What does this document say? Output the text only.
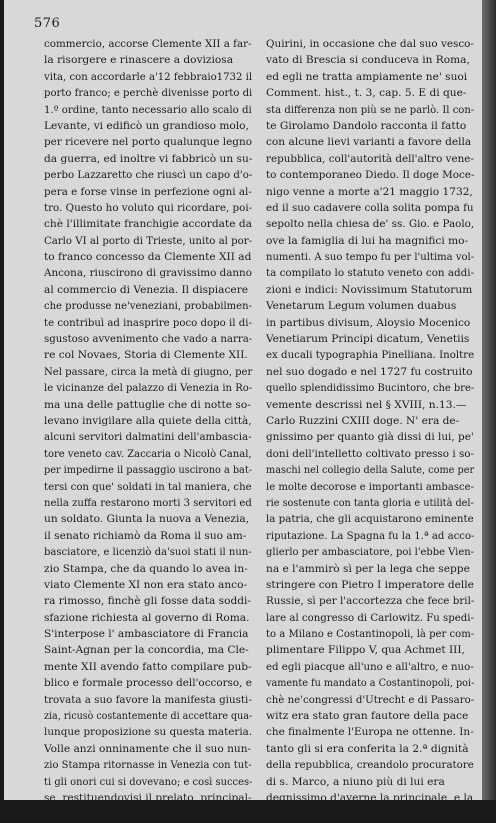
576
commercio, accorse Clemente XII a far-
la risorgere e rinascere a doviziosa
vita, con accordarle a'12 febbraio1732 il
porto franco; e perchè divenisse porto di
1.º ordine, tanto necessario allo scalo di
Levante, vi edificò un grandioso molo,
per ricevere nel porto qualunque legno
da guerra, ed inoltre vi fabbricò un su-
perbo Lazzaretto che riuscì un capo d'o-
pera e forse vinse in perfezione ogni al-
tro. Questo ho voluto qui ricordare, poi-
chè l'illimitate franchigie accordate da
Carlo VI al porto di Trieste, unito al por-
to franco concesso da Clemente XII ad
Ancona, riuscirono di gravissimo danno
al commercio di Venezia. Il dispiacere
che produsse ne'veneziani, probabilmen-
te contribuì ad inasprire poco dopo il di-
sgustoso avvenimento che vado a narra-
re col Novaes, Storia di Clemente XII.
Nel passare, circa la metà di giugno, per
le vicinanze del palazzo di Venezia in Ro-
ma una delle pattuglie che di notte so-
levano invigilare alla quiete della città,
alcuni servitori dalmatini dell'ambascia-
tore veneto cav. Zaccaria o Nicolò Canal,
per impedirne il passaggio uscirono a bat-
tersi con que' soldati in tal maniera, che
nella zuffa restarono morti 3 servitori ed
un soldato. Giunta la nuova a Venezia,
il senato richiamò da Roma il suo am-
basciatore, e licenziò da'suoi stati il nun-
zio Stampa, che da quando lo avea in-
viato Clemente XI non era stato anco-
ra rimosso, finchè gli fosse data soddi-
sfazione richiesta al governo di Roma.
S'interpose l' ambasciatore di Francia
Saint-Agnan per la concordia, ma Cle-
mente XII avendo fatto compilare pub-
blico e formale processo dell'occorso, e
trovata a suo favore la manifesta giusti-
zia, ricusò costantemente di accettare qua-
lunque proposizione su questa materia.
Volle anzi onninamente che il suo nun-
zio Stampa ritornasse in Venezia con tut-
ti gli onori cui si dovevano; e così succes-
se, restituendovisi il prelato, principal-
mente per opera del suddetto cardinal
Quirini, in occasione che dal suo vesco-
vato di Brescia si conduceva in Roma,
ed egli ne tratta ampiamente ne' suoi
Comment. hist., t. 3, cap. 5. E di que-
sta differenza non più se ne parlò. Il con-
te Girolamo Dandolo racconta il fatto
con alcune lievi varianti a favore della
repubblica, coll'autorità dell'altro vene-
to contemporaneo Diedo. Il doge Moce-
nigo venne a morte a'21 maggio 1732,
ed il suo cadavere colla solita pompa fu
sepolto nella chiesa de' ss. Gio. e Paolo,
ove la famiglia di lui ha magnifici mo-
numenti. A suo tempo fu per l'ultima vol-
ta compilato lo statuto veneto con addi-
zioni e indici: Novissimum Statutorum
Venetarum Legum volumen duabus
in partibus divisum, Aloysio Mocenico
Venetiarum Principi dicatum, Venetiis
ex ducali typographia Pinelliana. Inoltre
nel suo dogado e nel 1727 fu costruito
quello splendidissimo Bucintoro, che bre-
vemente descrissi nel § XVIII, n.13.—
Carlo Ruzzini CXIII doge. N' era de-
gnissimo per quanto già dissi di lui, pe'
doni dell'intelletto coltivato presso i so-
maschi nel collegio della Salute, come per
le molte decorose e importanti ambasce-
rie sostenute con tanta gloria e utilità del-
la patria, che gli acquistarono eminente
riputazione. La Spagna fu la 1.ª ad acco-
glierlo per ambasciatore, poi l'ebbe Vien-
na e l'ammirò sì per la lega che seppe
stringere con Pietro I imperatore delle
Russie, sì per l'accortezza che fece bril-
lare al congresso di Carlowitz. Fu spedi-
to a Milano e Costantinopoli, là per com-
plimentare Filippo V, qua Achmet III,
ed egli piacque all'uno e all'altro, e nuo-
vamente fu mandato a Costantinopoli, poi-
chè ne'congressi d'Utrecht e di Passaro-
witz era stato gran fautore della pace
che finalmente l'Europa ne ottenne. In-
tanto gli si era conferita la 2.ª dignità
della repubblica, creandolo procuratore
di s. Marco, a niuno più di lui era
degnissimo d'averne la principale, e la
conseguì a'2 giugno 1732 in età d'80 an-
